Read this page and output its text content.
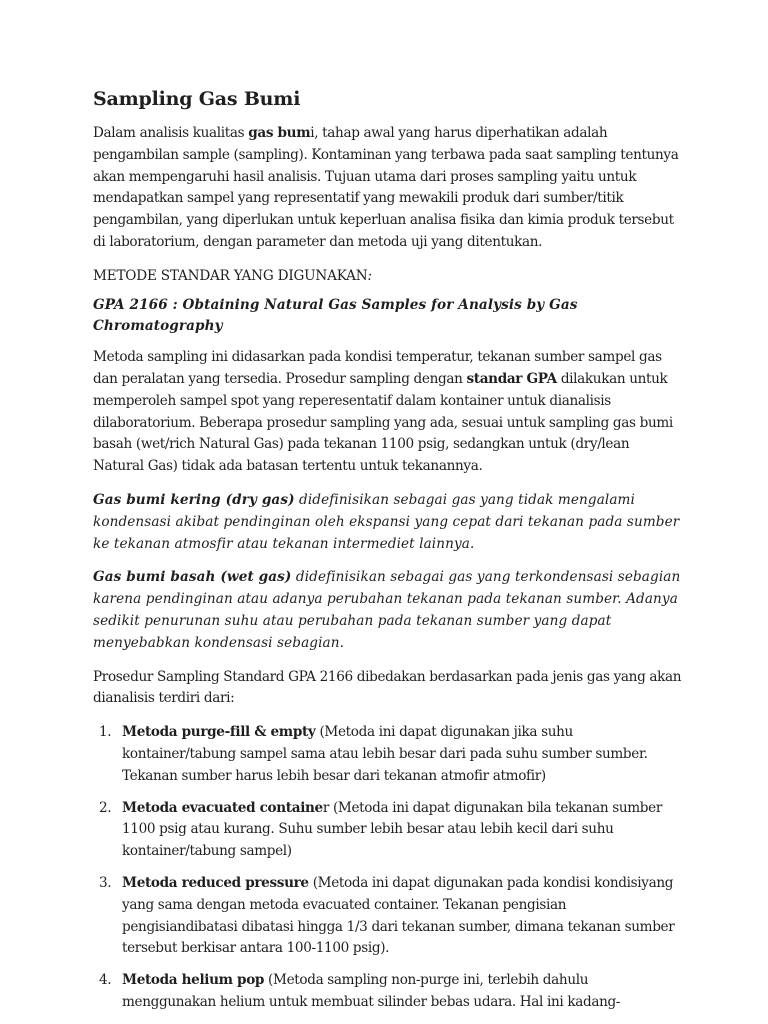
Sampling Gas Bumi

Dalam analisis kualitas gas bumi, tahap awal yang harus diperhatikan adalah pengambilan sample (sampling). Kontaminan yang terbawa pada saat sampling tentunya akan mempengaruhi hasil analisis. Tujuan utama dari proses sampling yaitu untuk mendapatkan sampel yang representatif yang mewakili produk dari sumber/titik pengambilan, yang diperlukan untuk keperluan analisa fisika dan kimia produk tersebut di laboratorium, dengan parameter dan metoda uji yang ditentukan.

METODE STANDAR YANG DIGUNAKAN:

GPA 2166 : Obtaining Natural Gas Samples for Analysis by Gas Chromatography

Metoda sampling ini didasarkan pada kondisi temperatur, tekanan sumber sampel gas dan peralatan yang tersedia. Prosedur sampling dengan standar GPA dilakukan untuk memperoleh sampel spot yang reperesentatif dalam kontainer untuk dianalisis dilaboratorium. Beberapa prosedur sampling yang ada, sesuai untuk sampling gas bumi basah (wet/rich Natural Gas) pada tekanan 1100 psig, sedangkan untuk (dry/lean Natural Gas) tidak ada batasan tertentu untuk tekanannya.

Gas bumi kering (dry gas) didefinisikan sebagai gas yang tidak mengalami kondensasi akibat pendinginan oleh ekspansi yang cepat dari tekanan pada sumber ke tekanan atmosfir atau tekanan intermediet lainnya.

Gas bumi basah (wet gas) didefinisikan sebagai gas yang terkondensasi sebagian karena pendinginan atau adanya perubahan tekanan pada tekanan sumber. Adanya sedikit penurunan suhu atau perubahan pada tekanan sumber yang dapat menyebabkan kondensasi sebagian.

Prosedur Sampling Standard GPA 2166 dibedakan berdasarkan pada jenis gas yang akan dianalisis terdiri dari:

1. Metoda purge-fill & empty (Metoda ini dapat digunakan jika suhu kontainer/tabung sampel sama atau lebih besar dari pada suhu sumber sumber. Tekanan sumber harus lebih besar dari tekanan atmofir atmofir)
2. Metoda evacuated container (Metoda ini dapat digunakan bila tekanan sumber 1100 psig atau kurang. Suhu sumber lebih besar atau lebih kecil dari suhu kontainer/tabung sampel)
3. Metoda reduced pressure (Metoda ini dapat digunakan pada kondisi kondisiyang yang sama dengan metoda evacuated container. Tekanan pengisian pengisiandibatasi dibatasi hingga 1/3 dari tekanan sumber, dimana tekanan sumber tersebut berkisar antara 100-1100 psig).
4. Metoda helium pop (Metoda sampling non-purge ini, terlebih dahulu menggunakan helium untuk membuat silinder bebas udara. Hal ini kadang-
